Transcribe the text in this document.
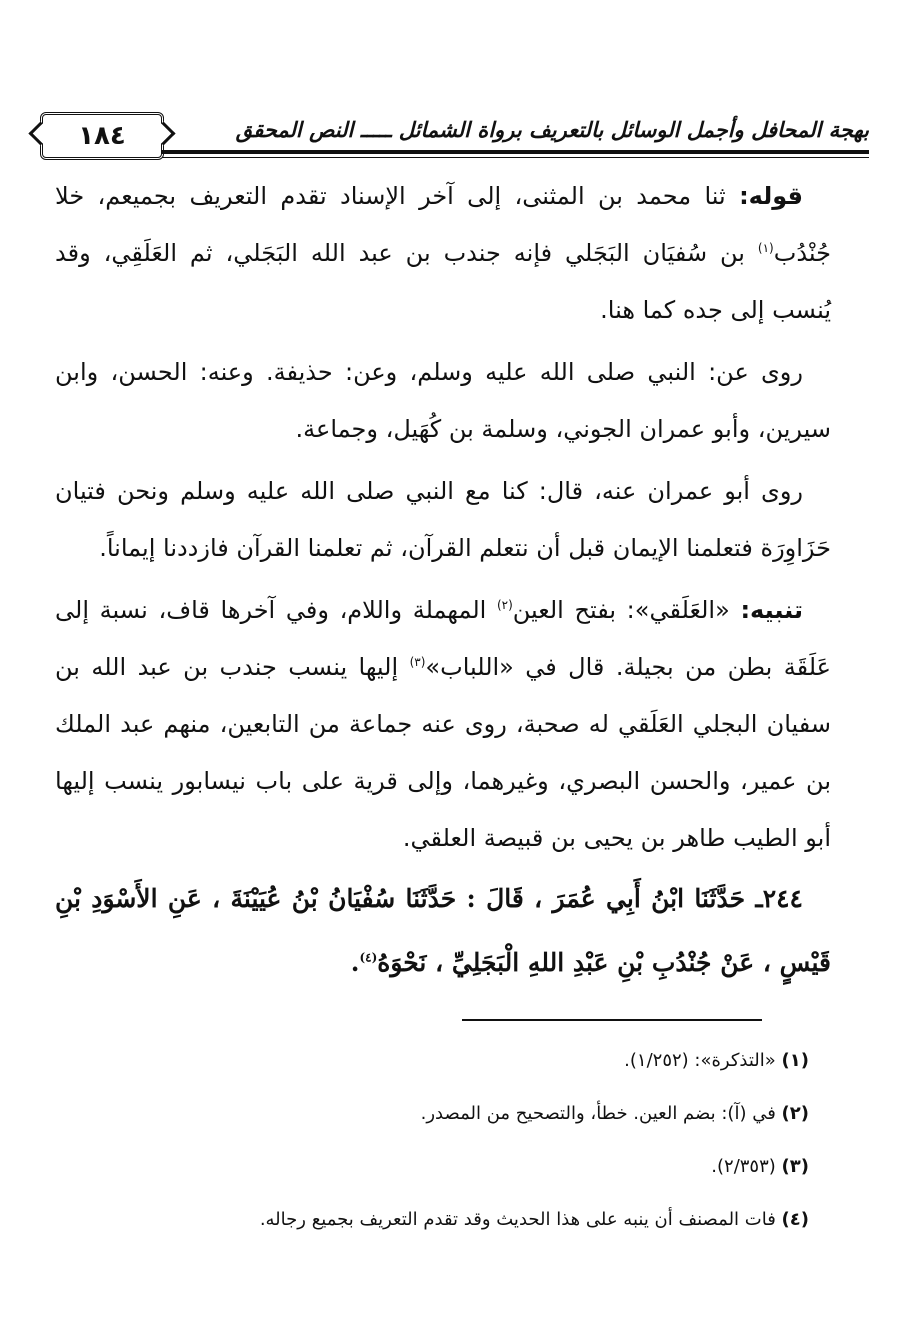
١٨٤	بهجة المحافل وأجمل الوسائل بالتعريف برواة الشمائل ـــــ النص المحقق

قوله: ثنا محمد بن المثنى، إلى آخر الإسناد تقدم التعريف بجميعم، خلا جُنْدُب$^{(١)}$ بن سُفيَان البَجَلي فإنه جندب بن عبد الله البَجَلي، ثم العَلَقِي، وقد يُنسب إلى جده كما هنا.

روى عن: النبي صلى الله عليه وسلم، وعن: حذيفة. وعنه: الحسن، وابن سيرين، وأبو عمران الجوني، وسلمة بن كُهَيل، وجماعة.

روى أبو عمران عنه، قال: كنا مع النبي صلى الله عليه وسلم ونحن فتيان حَزَاوِرَة فتعلمنا الإيمان قبل أن نتعلم القرآن، ثم تعلمنا القرآن فازددنا إيماناً.

تنبيه: «العَلَقي»: بفتح العين$^{(٢)}$ المهملة واللام، وفي آخرها قاف، نسبة إلى عَلَقَة بطن من بجيلة. قال في «اللباب»$^{(٣)}$ إليها ينسب جندب بن عبد الله بن سفيان البجلي العَلَقي له صحبة، روى عنه جماعة من التابعين، منهم عبد الملك بن عمير، والحسن البصري، وغيرهما، وإلى قرية على باب نيسابور ينسب إليها أبو الطيب طاهر بن يحيى بن قبيصة العلقي.

٢٤٤ـ حَدَّثَنَا ابْنُ أَبِي عُمَرَ ، قَالَ : حَدَّثَنَا سُفْيَانُ بْنُ عُيَيْنَةَ ، عَنِ الأَسْوَدِ بْنِ قَيْسٍ ، عَنْ جُنْدُبِ بْنِ عَبْدِ اللهِ الْبَجَلِيِّ ، نَحْوَهُ$^{(٤)}$.

(١) «التذكرة»: (١/٢٥٢).
(٢) في (آ): بضم العين. خطأ، والتصحيح من المصدر.
(٣) (٢/٣٥٣).
(٤) فات المصنف أن ينبه على هذا الحديث وقد تقدم التعريف بجميع رجاله.
